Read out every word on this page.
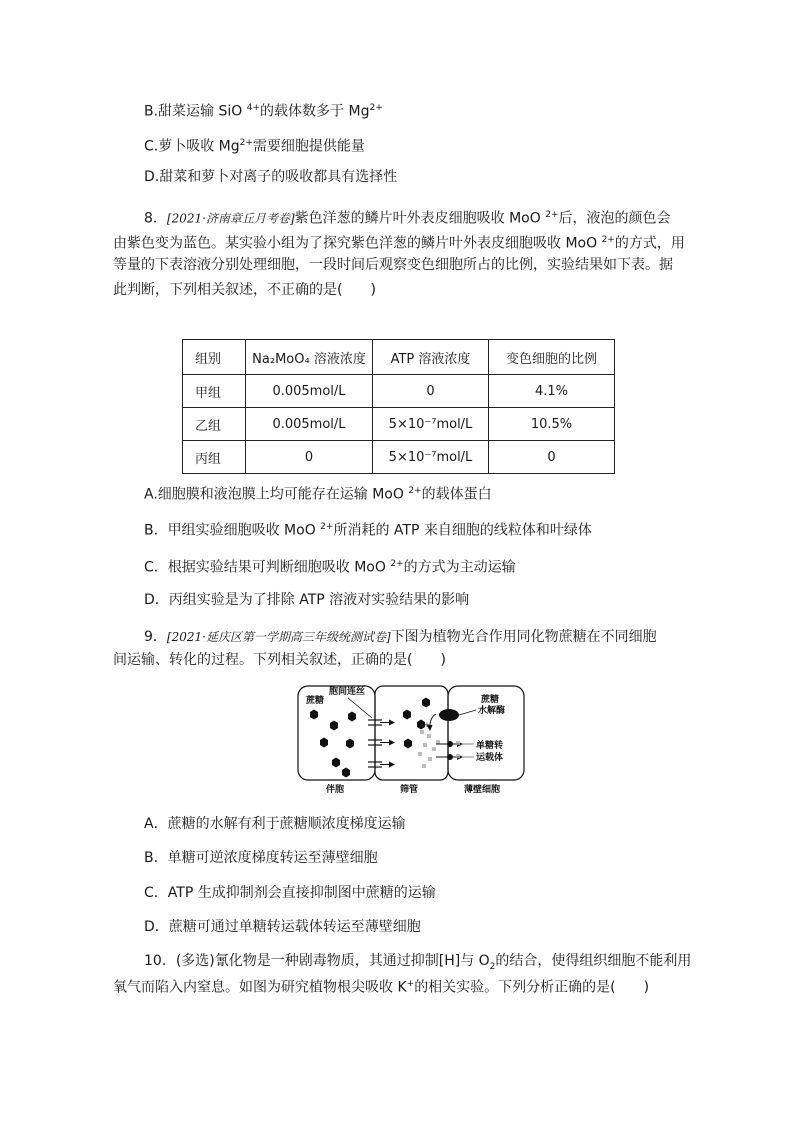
B.甜菜运输 SiO $^{4+}$的载体数多于 $Mg^{2+}$
C.萝卜吸收 $Mg^{2+}$需要细胞提供能量
D.甜菜和萝卜对离子的吸收都具有选择性
8．[2021·济南章丘月考卷]紫色洋葱的鳞片叶外表皮细胞吸收 MoO $^{2+}$后，液泡的颜色会
由紫色变为蓝色。某实验小组为了探究紫色洋葱的鳞片叶外表皮细胞吸收 MoO $^{2+}$的方式，用
等量的下表溶液分别处理细胞，一段时间后观察变色细胞所占的比例，实验结果如下表。据
此判断，下列相关叙述，不正确的是(　　)
组别	Na₂MoO₄ 溶液浓度	ATP 溶液浓度	变色细胞的比例
甲组	0.005mol/L	0	4.1%
乙组	0.005mol/L	5×10⁻⁷mol/L	10.5%
丙组	0	5×10⁻⁷mol/L	0
A.细胞膜和液泡膜上均可能存在运输 MoO $^{2+}$的载体蛋白
B．甲组实验细胞吸收 MoO $^{2+}$所消耗的 ATP 来自细胞的线粒体和叶绿体
C．根据实验结果可判断细胞吸收 MoO $^{2+}$的方式为主动运输
D．丙组实验是为了排除 ATP 溶液对实验结果的影响
9．[2021·延庆区第一学期高三年级统测试卷]下图为植物光合作用同化物蔗糖在不同细胞
间运输、转化的过程。下列相关叙述，正确的是(　　)
蔗糖
胞间连丝
+
蔗糖
水解酶
单糖转
运载体
伴胞	筛管	薄壁细胞
A．蔗糖的水解有利于蔗糖顺浓度梯度运输
B．单糖可逆浓度梯度转运至薄壁细胞
C．ATP 生成抑制剂会直接抑制图中蔗糖的运输
D．蔗糖可通过单糖转运载体转运至薄壁细胞
10．(多选)氰化物是一种剧毒物质，其通过抑制[H]与 $O_2$的结合，使得组织细胞不能利用
氧气而陷入内窒息。如图为研究植物根尖吸收 K+的相关实验。下列分析正确的是(　　)
